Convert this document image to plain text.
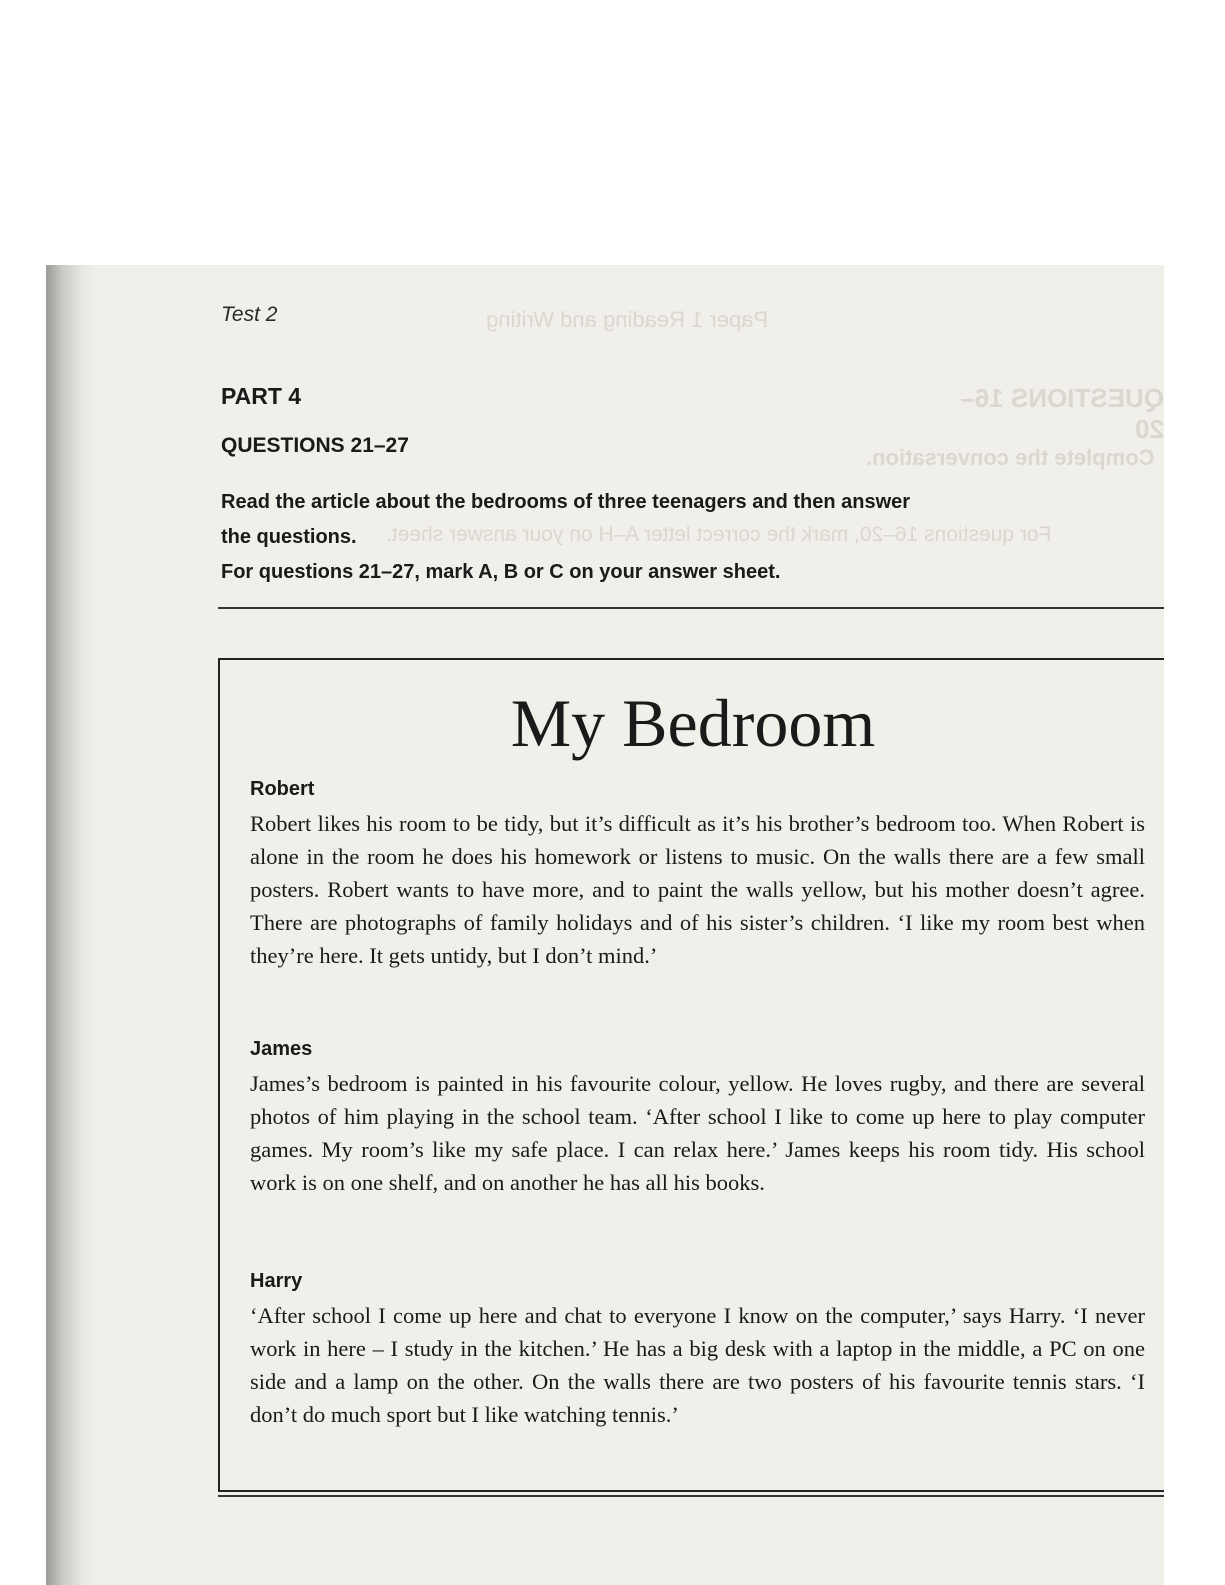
Paper 1 Reading and Writing
QUESTIONS 16–20
Complete the conversation.
For questions 16–20, mark the correct letter A–H on your answer sheet.
Test 2
PART 4
QUESTIONS 21–27
Read the article about the bedrooms of three teenagers and then answer
the questions.
For questions 21–27, mark A, B or C on your answer sheet.
My Bedroom
Robert
Robert likes his room to be tidy, but it’s difficult as it’s his brother’s bedroom too. When Robert is alone in the room he does his homework or listens to music. On the walls there are a few small posters. Robert wants to have more, and to paint the walls yellow, but his mother doesn’t agree. There are photographs of family holidays and of his sister’s children. ‘I like my room best when they’re here. It gets untidy, but I don’t mind.’
James
James’s bedroom is painted in his favourite colour, yellow. He loves rugby, and there are several photos of him playing in the school team. ‘After school I like to come up here to play computer games. My room’s like my safe place. I can relax here.’ James keeps his room tidy. His school work is on one shelf, and on another he has all his books.
Harry
‘After school I come up here and chat to everyone I know on the computer,’ says Harry. ‘I never work in here – I study in the kitchen.’ He has a big desk with a laptop in the middle, a PC on one side and a lamp on the other. On the walls there are two posters of his favourite tennis stars. ‘I don’t do much sport but I like watching tennis.’
